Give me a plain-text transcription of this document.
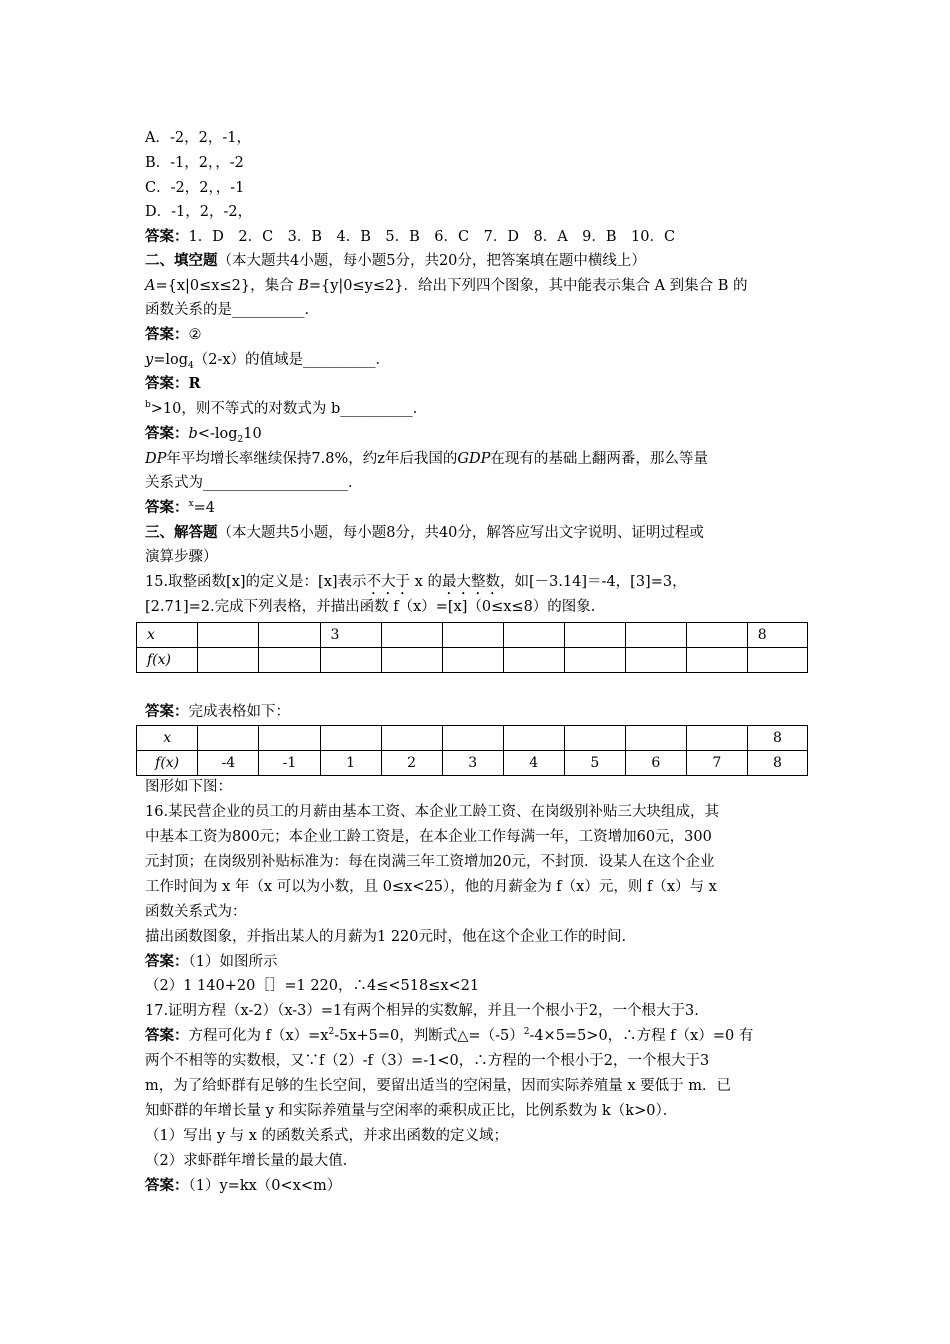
A．-2，2，-1，
B．-1，2，，-2
C．-2，2，，-1
D．-1，2，-2，
答案：1．D　2．C　3．B　4．B　5．B　6．C　7．D　8．A　9．B　10．C
二、填空题（本大题共4小题，每小题5分，共20分，把答案填在题中横线上）
A={x|0≤x≤2}，集合 B={y|0≤y≤2}．给出下列四个图象，其中能表示集合 A 到集合 B 的
函数关系的是__________．
答案：②
$y=\log_4(2-x)$的值域是__________．
答案：R
$^b$>10，则不等式的对数式为 b__________．
答案：$b<-\log_210$
DP年平均增长率继续保持7.8%，约z年后我国的GDP在现有的基础上翻两番，那么等量
关系式为____________________．
答案：$^x$=4
三、解答题（本大题共5小题，每小题8分，共40分，解答应写出文字说明、证明过程或
演算步骤）
15.取整函数[x]的定义是：[x]表示不大于 x 的最大整数，如[－3.14]＝-4，[3]=3，
[2.71]=2.完成下列表格，并描出函数 f（x）=[x]（0≤x≤8）的图象.
x			3							8
f(x)										
答案：完成表格如下：
x										8
f(x)	-4	-1	1	2	3	4	5	6	7	8
图形如下图：
16.某民营企业的员工的月薪由基本工资、本企业工龄工资、在岗级别补贴三大块组成，其
中基本工资为800元；本企业工龄工资是，在本企业工作每满一年，工资增加60元，300
元封顶；在岗级别补贴标准为：每在岗满三年工资增加20元，不封顶．设某人在这个企业
工作时间为 x 年（x 可以为小数，且 0≤x<25），他的月薪金为 f（x）元，则 f（x）与 x
函数关系式为：
描出函数图象，并指出某人的月薪为1 220元时，他在这个企业工作的时间.
答案：（1）如图所示
（2）1 140+20［］=1 220，∴4≤<518≤x<21
17.证明方程（x-2）（x-3）=1有两个相异的实数解，并且一个根小于2，一个根大于3.
答案：方程可化为 $f(x)=x^2-5x+5=0$，判断式$\triangle=(-5)^2-4\times 5=5>0$，∴方程 f（x）=0 有
两个不相等的实数根，又∵f（2）-f（3）=-1<0，∴方程的一个根小于2，一个根大于3
m，为了给虾群有足够的生长空间，要留出适当的空闲量，因而实际养殖量 x 要低于 m．已
知虾群的年增长量 y 和实际养殖量与空闲率的乘积成正比，比例系数为 k（k>0）．
（1）写出 y 与 x 的函数关系式，并求出函数的定义域；
（2）求虾群年增长量的最大值.
答案：（1）y=kx（0<x<m）
